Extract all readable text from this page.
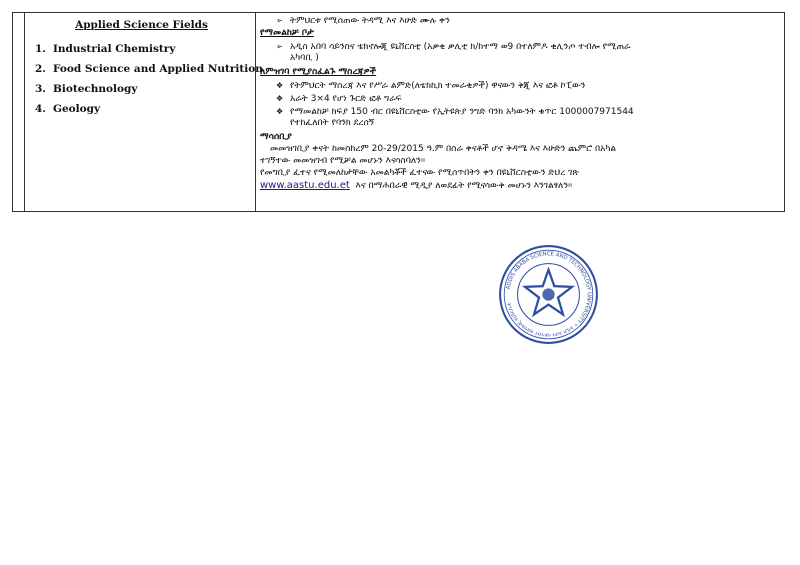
Applied Science Fields

1. Industrial Chemistry
2. Food Science and Applied Nutrition
3. Biotechnology
4. Geology
➢ ትምህርቱ የሚሰጠው ትዳሚ እና እሁድ ሙሉ ቀን
የማመልከቻ ቦታ
➢ አዲስ አበባ ሳይንስና ቴክኖሎጂ ዩኒቨርስቲ (አቃቂ ቃሊቲ ክ/ከተማ ወ9 በተለምዶ ቂሊንጦ ተብሎ የሚጠራ
አካባቢ )
ለምዝገባ የሚያስፈልጉ ማስረጃዎች
❖ የትምህርት ማስረጃ እና የሥራ ልምድ(ለቴክኪክ ተመራቂዎች) ዋናውን ቅጂ እና ፎቶ ኮፒውን
❖ አራት 3×4 የሆነ ጉርድ ፎቶ ግራፍ
❖ የማመልከቻ ክፍያ 150 ብር በዩኒቨርስቲው የኢትዩጵያ ንግድ ባንክ አካውንት ቁጥር 1000007971544
የተከፈለበት የባንክ ደረሰኝ
ማሳሰቢያ
መመዝገቢያ ቀናት ከመስከረም 20-29/2015 ዓ.ም በስራ ቀናቶች ሆኖ ቅዳሜ እና እሁድን ጨምሮ በአካል
ተገኝተው መመዝገብ የሚቻል መሆኑን እናሳስባለን፡፡
የመግቢያ ፈተና የሚመለከታቸው አመልካቾች ፈተናው የሚሰጥበትን ቀን በዩኒቨርስቲውን ድህረ ገጽ
www.aastu.edu.et እና በማሕበራዊ ሚዲያ ለወደፊት የሚናሳውቅ መሆኑን እንገልፃለን፡፡
ADDIS ABABA SCIENCE AND TECHNOLOGY UNIVERSITY • አዲስ አበባ ሳይንስና ቴክኖሎጂ ዩኒቨርሲቲ
